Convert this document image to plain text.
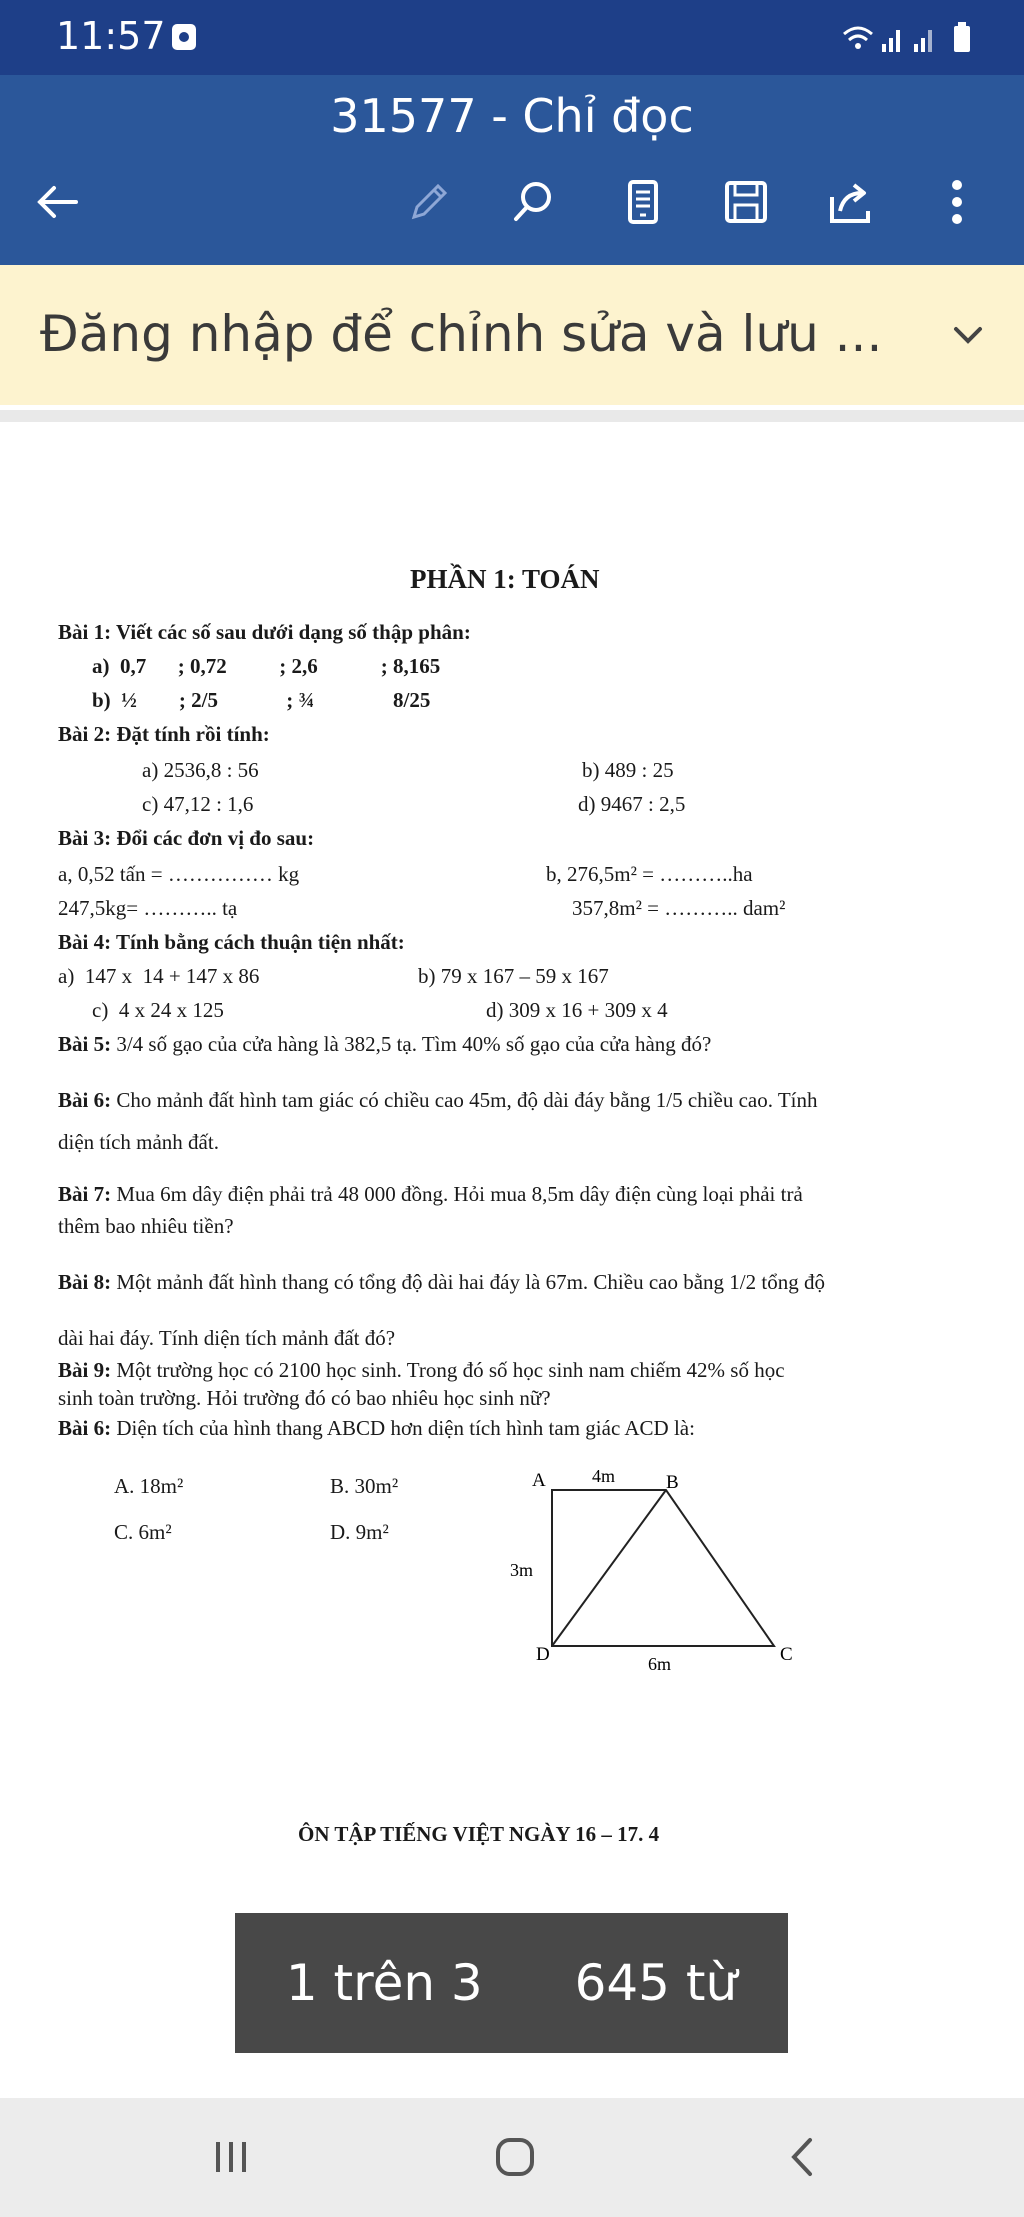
11:57
31577 - Chỉ đọc
Đăng nhập để chỉnh sửa và lưu ...
PHẦN 1: TOÁN
Bài 1: Viết các số sau dưới dạng số thập phân:
a)  0,7      ; 0,72          ; 2,6            ; 8,165
b)  ½        ; 2/5             ; ¾               8/25
Bài 2: Đặt tính rồi tính:
a) 2536,8 : 56	b) 489 : 25
c) 47,12 : 1,6	d) 9467 : 2,5
Bài 3: Đổi các đơn vị đo sau:
a, 0,52 tấn = …………… kg	b, 276,5m² = ………..ha
247,5kg= ……….. tạ	357,8m² = ……….. dam²
Bài 4: Tính bằng cách thuận tiện nhất:
a)  147 x  14 + 147 x 86	b) 79 x 167 – 59 x 167
c)  4 x 24 x 125	d) 309 x 16 + 309 x 4
Bài 5: 3/4 số gạo của cửa hàng là 382,5 tạ. Tìm 40% số gạo của cửa hàng đó?
Bài 6: Cho mảnh đất hình tam giác có chiều cao 45m, độ dài đáy bằng 1/5 chiều cao. Tính
diện tích mảnh đất.
Bài 7: Mua 6m dây điện phải trả 48 000 đồng. Hỏi mua 8,5m dây điện cùng loại phải trả
thêm bao nhiêu tiền?
Bài 8: Một mảnh đất hình thang có tổng độ dài hai đáy là 67m. Chiều cao bằng 1/2 tổng độ
dài hai đáy. Tính diện tích mảnh đất đó?
Bài 9: Một trường học có 2100 học sinh. Trong đó số học sinh nam chiếm 42% số học
sinh toàn trường. Hỏi trường đó có bao nhiêu học sinh nữ?
Bài 6: Diện tích của hình thang ABCD hơn diện tích hình tam giác ACD là:
A. 18m²	B. 30m²
C. 6m²	D. 9m²
A	B
C
D
4m
3m
6m
ÔN TẬP TIẾNG VIỆT NGÀY 16 – 17. 4
1 trên 3 645 từ
